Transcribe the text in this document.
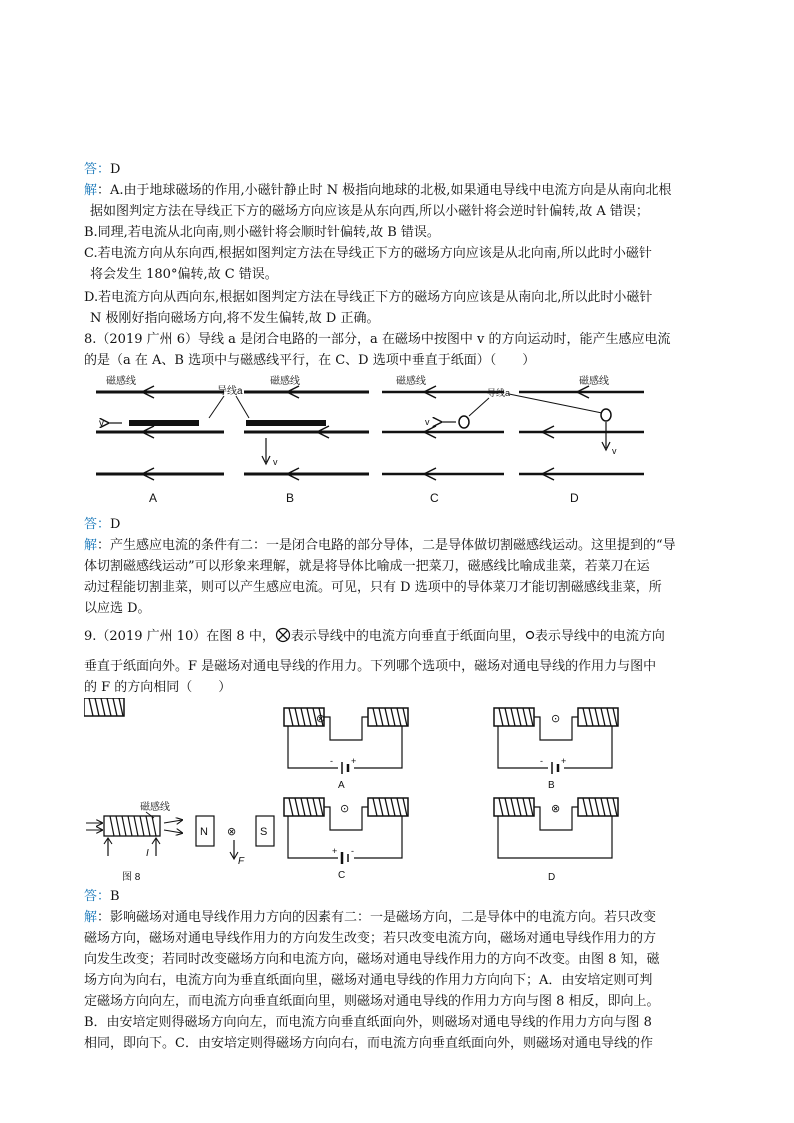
答：D
解：A.由于地球磁场的作用,小磁针静止时 N 极指向地球的北极,如果通电导线中电流方向是从南向北根
据如图判定方法在导线正下方的磁场方向应该是从东向西,所以小磁针将会逆时针偏转,故 A 错误；
B.同理,若电流从北向南,则小磁针将会顺时针偏转,故 B 错误。
C.若电流方向从东向西,根据如图判定方法在导线正下方的磁场方向应该是从北向南,所以此时小磁针
将会发生 180°偏转,故 C 错误。
D.若电流方向从西向东,根据如图判定方法在导线正下方的磁场方向应该是从南向北,所以此时小磁针
N 极刚好指向磁场方向,将不发生偏转,故 D 正确。
8.（2019 广州 6）导线 a 是闭合电路的一部分，a 在磁场中按图中 v 的方向运动时，能产生感应电流
的是（a 在 A、B 选项中与磁感线平行，在 C、D 选项中垂直于纸面）（　　）
磁感线
v
A
v
磁感线
B
导线a
v
磁感线
C
导线a
v
磁感线
D
答：D
解：产生感应电流的条件有二：一是闭合电路的部分导体，二是导体做切割磁感线运动。这里提到的“导
体切割磁感线运动”可以形象来理解，就是将导体比喻成一把菜刀，磁感线比喻成韭菜，若菜刀在运
动过程能切割韭菜，则可以产生感应电流。可见，只有 D 选项中的导体菜刀才能切割磁感线韭菜，所
以应选 D。
9.（2019 广州 10）在图 8 中， 表示导线中的电流方向垂直于纸面向里， 表示导线中的电流方向
垂直于纸面向外。F 是磁场对通电导线的作用力。下列哪个选项中，磁场对通电导线的作用力与图中
的 F 的方向相同（　　）
⊗
- +
A
⊙
- +
B
⊙
+ -
C
⊗
D
磁感线
I
图 8
N ⊗
F
S
答：B
解：影响磁场对通电导线作用力方向的因素有二：一是磁场方向，二是导体中的电流方向。若只改变
磁场方向，磁场对通电导线作用力的方向发生改变；若只改变电流方向，磁场对通电导线作用力的方
向发生改变；若同时改变磁场方向和电流方向，磁场对通电导线作用力的方向不改变。由图 8 知，磁
场方向为向右，电流方向为垂直纸面向里，磁场对通电导线的作用力方向向下；A．由安培定则可判
定磁场方向向左，而电流方向垂直纸面向里，则磁场对通电导线的作用力方向与图 8 相反，即向上。
B．由安培定则得磁场方向向左，而电流方向垂直纸面向外，则磁场对通电导线的作用力方向与图 8
相同，即向下。C．由安培定则得磁场方向向右，而电流方向垂直纸面向外，则磁场对通电导线的作
